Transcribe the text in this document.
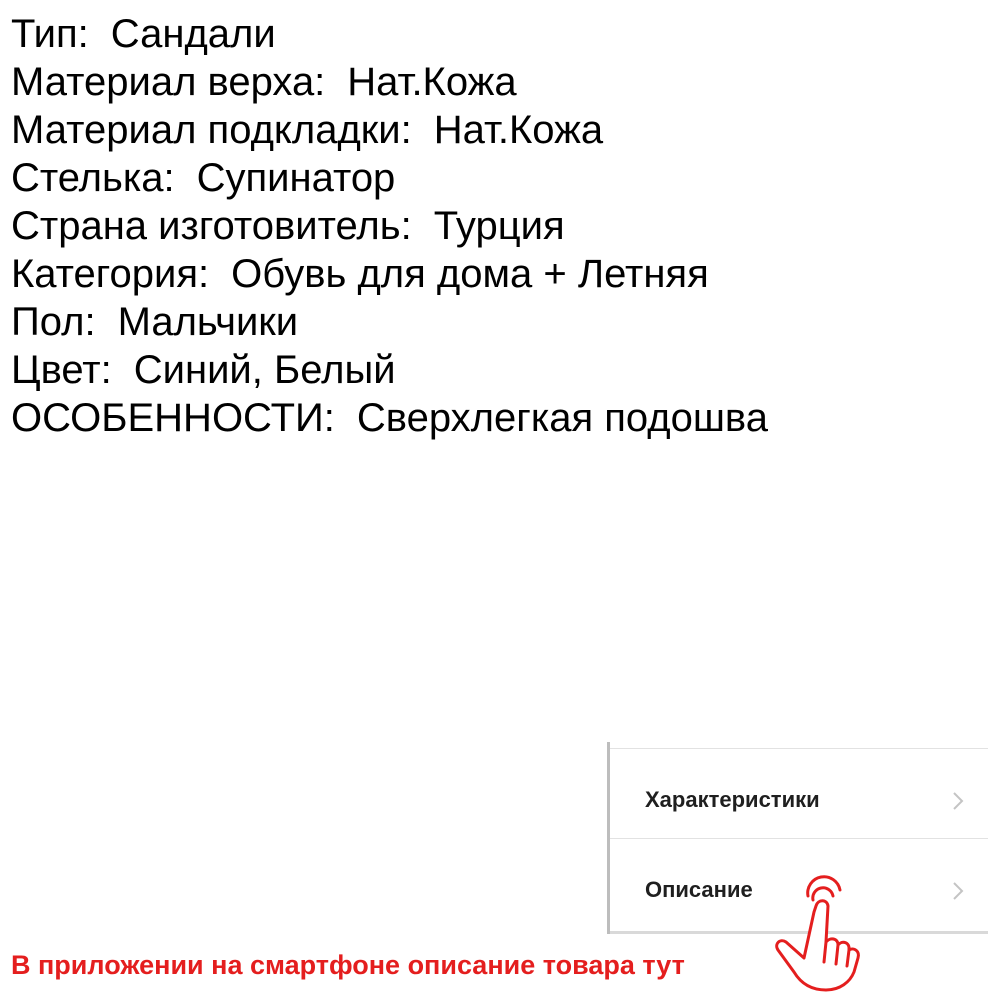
Тип: Сандали
Материал верха: Нат.Кожа
Материал подкладки: Нат.Кожа
Стелька: Супинатор
Страна изготовитель: Турция
Категория: Обувь для дома + Летняя
Пол: Мальчики
Цвет: Синий, Белый
ОСОБЕННОСТИ: Сверхлегкая подошва
Характеристики
Описание
В приложении на смартфоне описание товара тут
